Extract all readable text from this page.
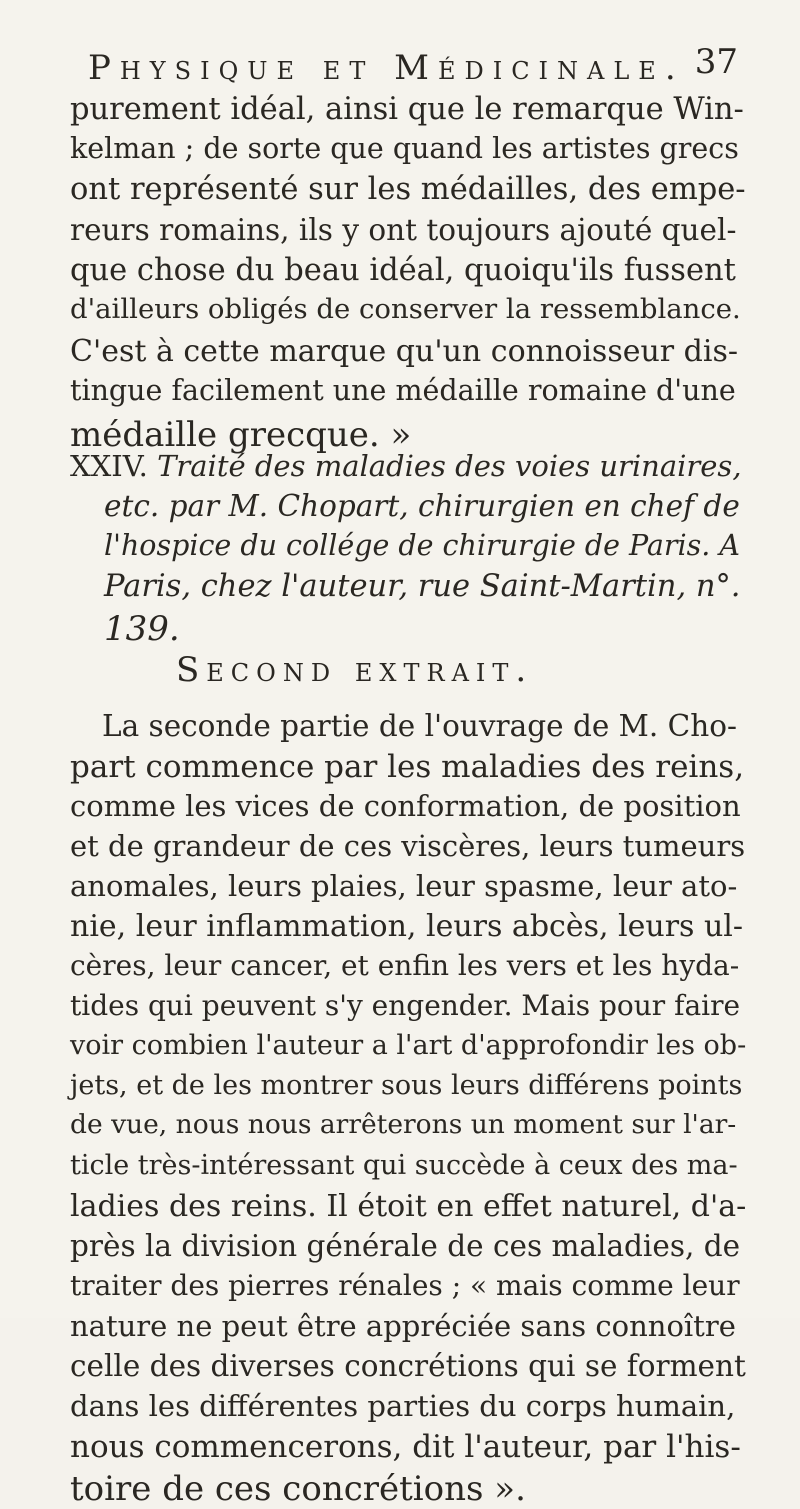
Physique et Médicinale. 37
purement idéal, ainsi que le remarque Win-
kelman ; de sorte que quand les artistes grecs
ont représenté sur les médailles, des empe-
reurs romains, ils y ont toujours ajouté quel-
que chose du beau idéal, quoiqu'ils fussent
d'ailleurs obligés de conserver la ressemblance.
C'est à cette marque qu'un connoisseur dis-
tingue facilement une médaille romaine d'une
médaille grecque. »
XXIV. Traité des maladies des voies urinaires,
etc. par M. Chopart, chirurgien en chef de
l'hospice du collége de chirurgie de Paris. A
Paris, chez l'auteur, rue Saint-Martin, n°.
139.
Second extrait.
La seconde partie de l'ouvrage de M. Cho-
part commence par les maladies des reins,
comme les vices de conformation, de position
et de grandeur de ces viscères, leurs tumeurs
anomales, leurs plaies, leur spasme, leur ato-
nie, leur inflammation, leurs abcès, leurs ul-
cères, leur cancer, et enfin les vers et les hyda-
tides qui peuvent s'y engender. Mais pour faire
voir combien l'auteur a l'art d'approfondir les ob-
jets, et de les montrer sous leurs différens points
de vue, nous nous arrêterons un moment sur l'ar-
ticle très-intéressant qui succède à ceux des ma-
ladies des reins. Il étoit en effet naturel, d'a-
près la division générale de ces maladies, de
traiter des pierres rénales ; « mais comme leur
nature ne peut être appréciée sans connoître
celle des diverses concrétions qui se forment
dans les différentes parties du corps humain,
nous commencerons, dit l'auteur, par l'his-
toire de ces concrétions ».
